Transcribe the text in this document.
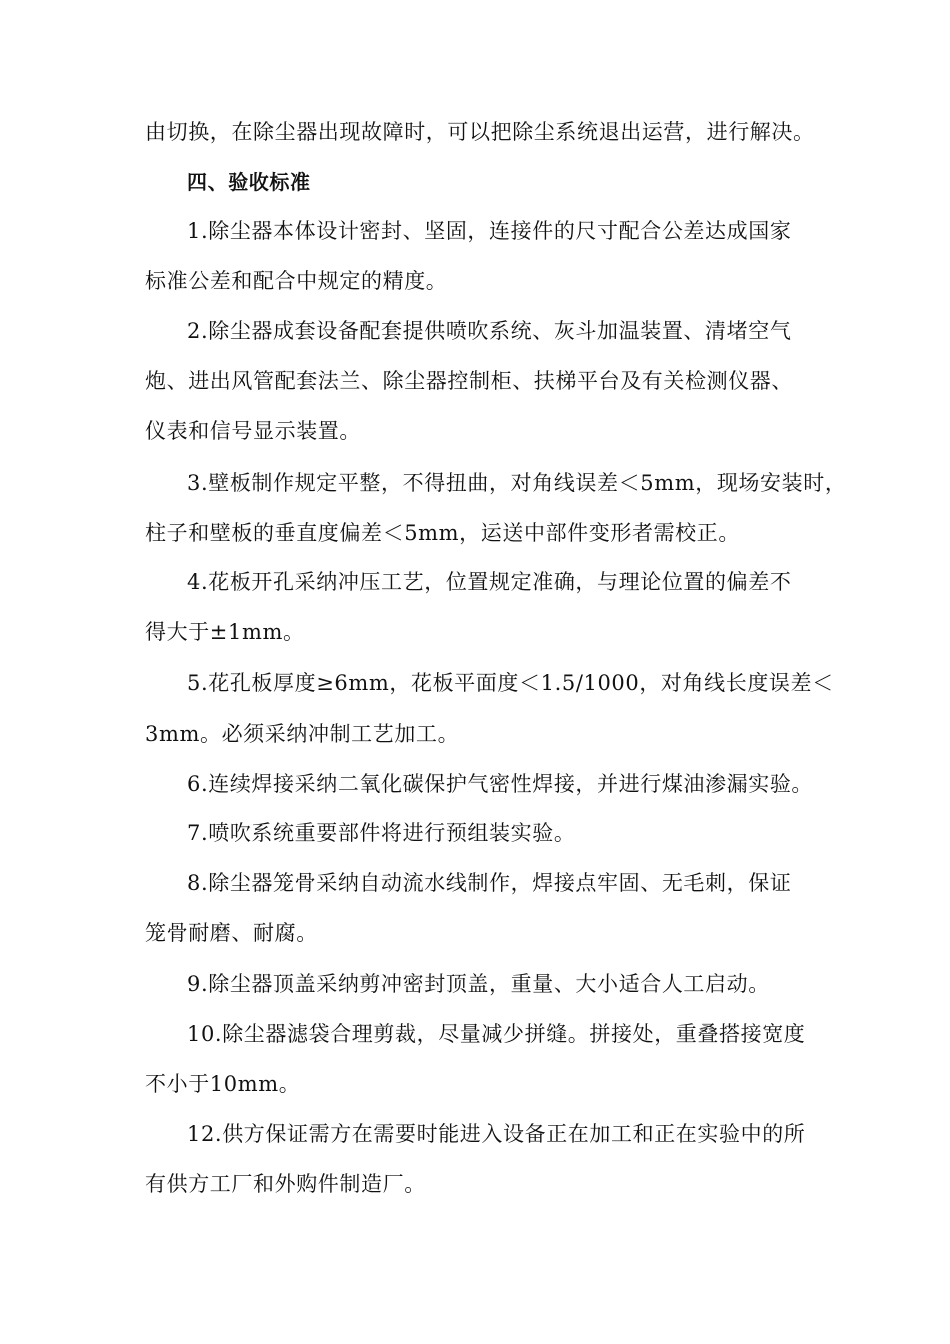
由切换，在除尘器出现故障时，可以把除尘系统退出运营，进行解决。
四、验收标准
1.除尘器本体设计密封、坚固，连接件的尺寸配合公差达成国家
标准公差和配合中规定的精度。
2.除尘器成套设备配套提供喷吹系统、灰斗加温装置、清堵空气
炮、进出风管配套法兰、除尘器控制柜、扶梯平台及有关检测仪器、
仪表和信号显示装置。
3.壁板制作规定平整，不得扭曲，对角线误差＜5mm，现场安装时，
柱子和壁板的垂直度偏差＜5mm，运送中部件变形者需校正。
4.花板开孔采纳冲压工艺，位置规定准确，与理论位置的偏差不
得大于±1mm。
5.花孔板厚度≥6mm，花板平面度＜1.5/1000，对角线长度误差＜
3mm。必须采纳冲制工艺加工。
6.连续焊接采纳二氧化碳保护气密性焊接，并进行煤油渗漏实验。
7.喷吹系统重要部件将进行预组装实验。
8.除尘器笼骨采纳自动流水线制作，焊接点牢固、无毛刺，保证
笼骨耐磨、耐腐。
9.除尘器顶盖采纳剪冲密封顶盖，重量、大小适合人工启动。
10.除尘器滤袋合理剪裁，尽量减少拼缝。拼接处，重叠搭接宽度
不小于10mm。
12.供方保证需方在需要时能进入设备正在加工和正在实验中的所
有供方工厂和外购件制造厂。
